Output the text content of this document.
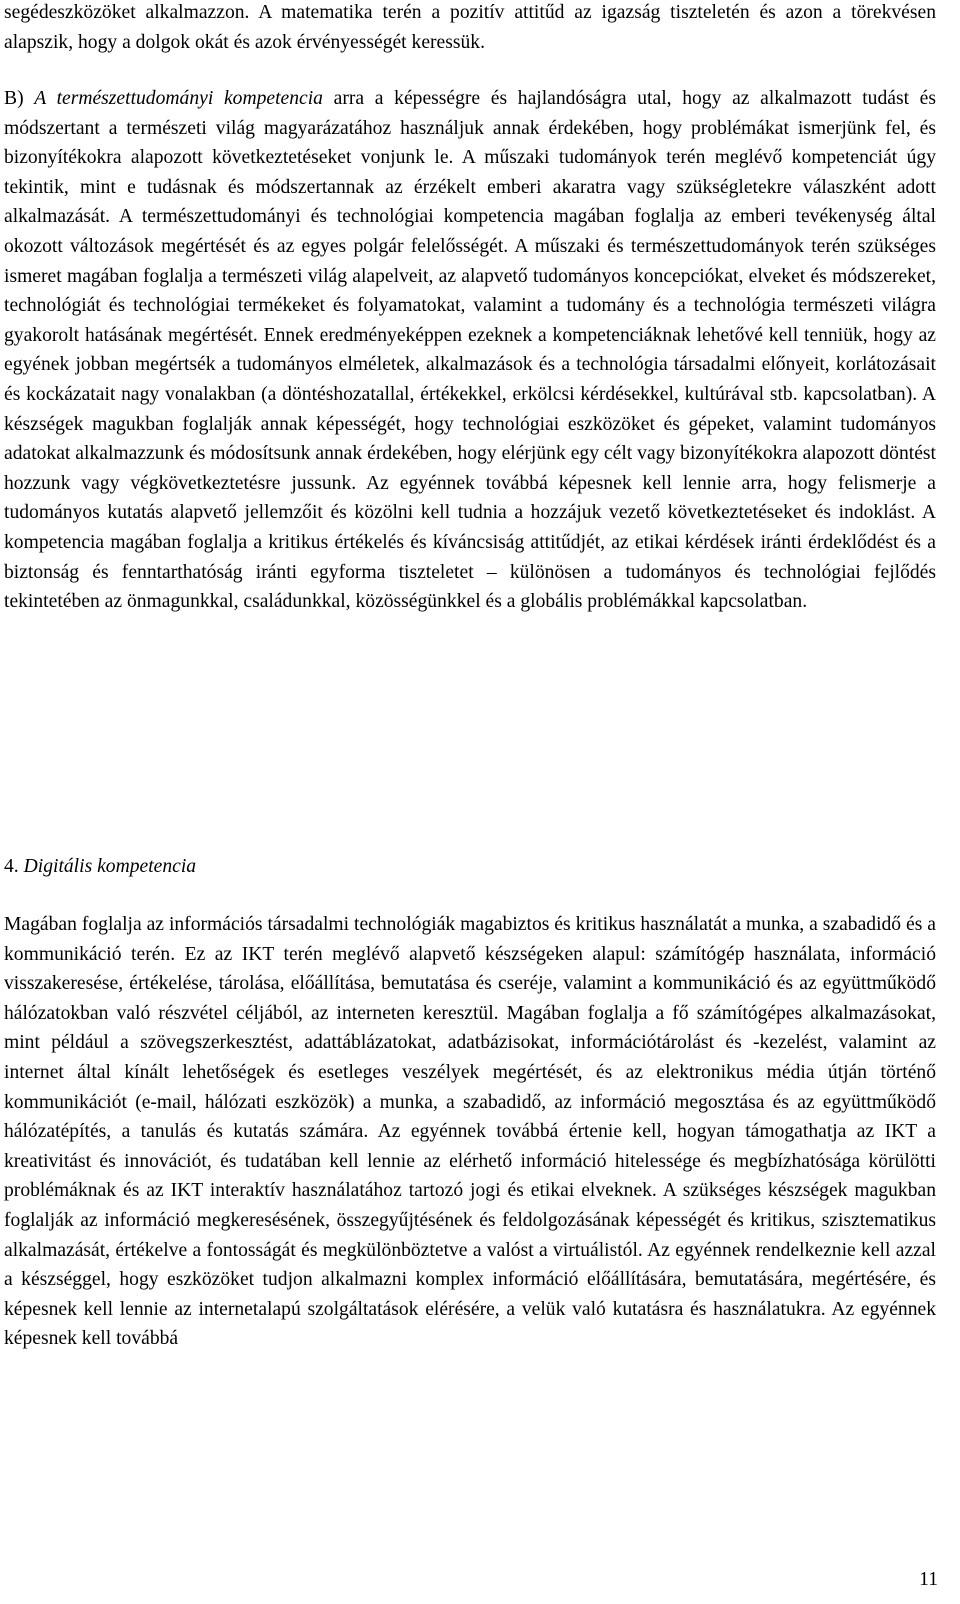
segédeszközöket alkalmazzon. A matematika terén a pozitív attitűd az igazság tiszteletén és azon a törekvésen alapszik, hogy a dolgok okát és azok érvényességét keressük.

B) A természettudományi kompetencia arra a képességre és hajlandóságra utal, hogy az alkalmazott tudást és módszertant a természeti világ magyarázatához használjuk annak érdekében, hogy problémákat ismerjünk fel, és bizonyítékokra alapozott következtetéseket vonjunk le. A műszaki tudományok terén meglévő kompetenciát úgy tekintik, mint e tudásnak és módszertannak az érzékelt emberi akaratra vagy szükségletekre válaszként adott alkalmazását. A természettudományi és technológiai kompetencia magában foglalja az emberi tevékenység által okozott változások megértését és az egyes polgár felelősségét. A műszaki és természettudományok terén szükséges ismeret magában foglalja a természeti világ alapelveit, az alapvető tudományos koncepciókat, elveket és módszereket, technológiát és technológiai termékeket és folyamatokat, valamint a tudomány és a technológia természeti világra gyakorolt hatásának megértését. Ennek eredményeképpen ezeknek a kompetenciáknak lehetővé kell tenniük, hogy az egyének jobban megértsék a tudományos elméletek, alkalmazások és a technológia társadalmi előnyeit, korlátozásait és kockázatait nagy vonalakban (a döntéshozatallal, értékekkel, erkölcsi kérdésekkel, kultúrával stb. kapcsolatban). A készségek magukban foglalják annak képességét, hogy technológiai eszközöket és gépeket, valamint tudományos adatokat alkalmazzunk és módosítsunk annak érdekében, hogy elérjünk egy célt vagy bizonyítékokra alapozott döntést hozzunk vagy végkövetkeztetésre jussunk. Az egyénnek továbbá képesnek kell lennie arra, hogy felismerje a tudományos kutatás alapvető jellemzőit és közölni kell tudnia a hozzájuk vezető következtetéseket és indoklást. A kompetencia magában foglalja a kritikus értékelés és kíváncsiság attitűdjét, az etikai kérdések iránti érdeklődést és a biztonság és fenntarthatóság iránti egyforma tiszteletet – különösen a tudományos és technológiai fejlődés tekintetében az önmagunkkal, családunkkal, közösségünkkel és a globális problémákkal kapcsolatban.

4. Digitális kompetencia

Magában foglalja az információs társadalmi technológiák magabiztos és kritikus használatát a munka, a szabadidő és a kommunikáció terén. Ez az IKT terén meglévő alapvető készségeken alapul: számítógép használata, információ visszakeresése, értékelése, tárolása, előállítása, bemutatása és cseréje, valamint a kommunikáció és az együttműködő hálózatokban való részvétel céljából, az interneten keresztül. Magában foglalja a fő számítógépes alkalmazásokat, mint például a szövegszerkesztést, adattáblázatokat, adatbázisokat, információtárolást és -kezelést, valamint az internet által kínált lehetőségek és esetleges veszélyek megértését, és az elektronikus média útján történő kommunikációt (e-mail, hálózati eszközök) a munka, a szabadidő, az információ megosztása és az együttműködő hálózatépítés, a tanulás és kutatás számára. Az egyénnek továbbá értenie kell, hogyan támogathatja az IKT a kreativitást és innovációt, és tudatában kell lennie az elérhető információ hitelessége és megbízhatósága körülötti problémáknak és az IKT interaktív használatához tartozó jogi és etikai elveknek. A szükséges készségek magukban foglalják az információ megkeresésének, összegyűjtésének és feldolgozásának képességét és kritikus, szisztematikus alkalmazását, értékelve a fontosságát és megkülönböztetve a valóst a virtuálistól. Az egyénnek rendelkeznie kell azzal a készséggel, hogy eszközöket tudjon alkalmazni komplex információ előállítására, bemutatására, megértésére, és képesnek kell lennie az internetalapú szolgáltatások elérésére, a velük való kutatásra és használatukra. Az egyénnek képesnek kell továbbá

11
